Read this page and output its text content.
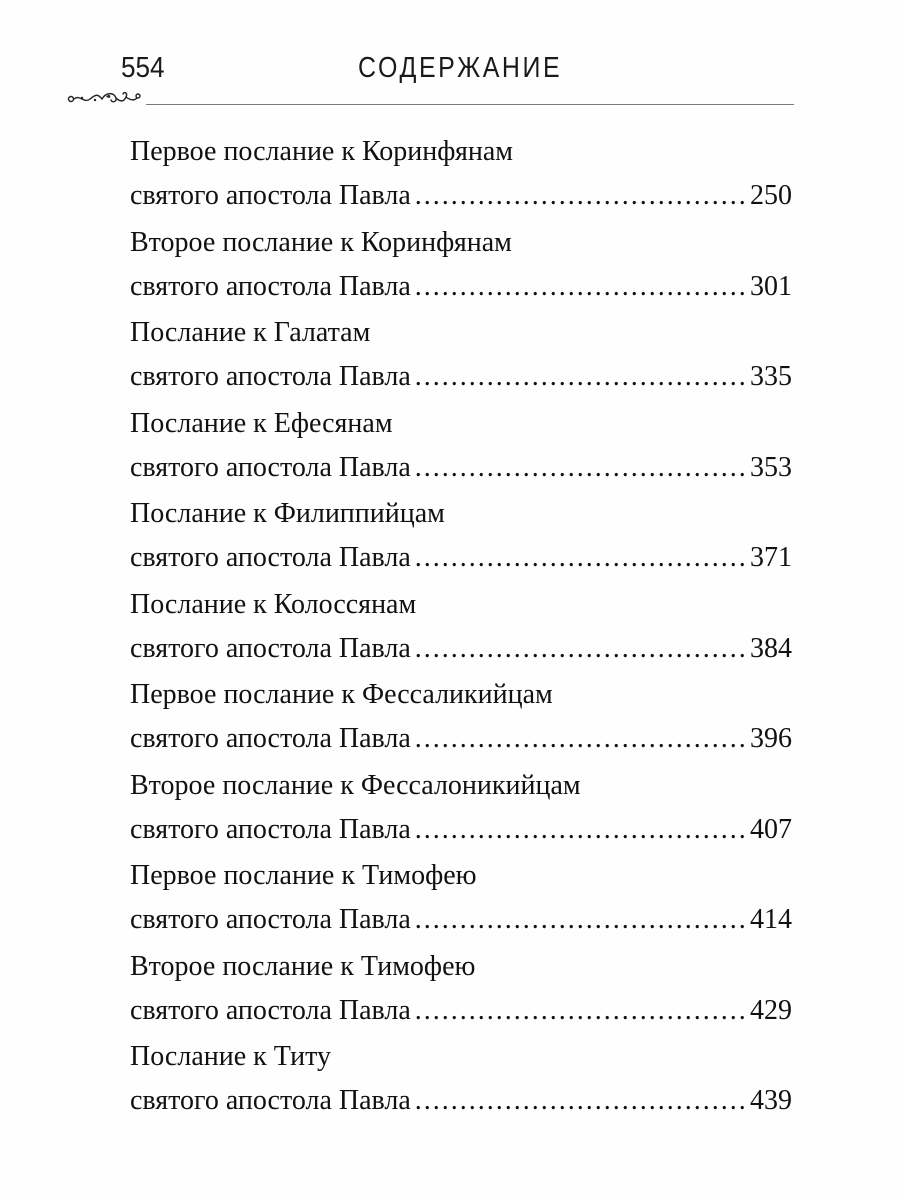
554	СОДЕРЖАНИЕ
Первое послание к Коринфянам
святого апостола Павла .....	250
Второе послание к Коринфянам
святого апостола Павла .....	301
Послание к Галатам
святого апостола Павла .....	335
Послание к Ефесянам
святого апостола Павла .....	353
Послание к Филиппийцам
святого апостола Павла .....	371
Послание к Колоссянам
святого апостола Павла .....	384
Первое послание к Фессаликийцам
святого апостола Павла .....	396
Второе послание к Фессалоникийцам
святого апостола Павла .....	407
Первое послание к Тимофею
святого апостола Павла .....	414
Второе послание к Тимофею
святого апостола Павла .....	429
Послание к Титу
святого апостола Павла .....	439
